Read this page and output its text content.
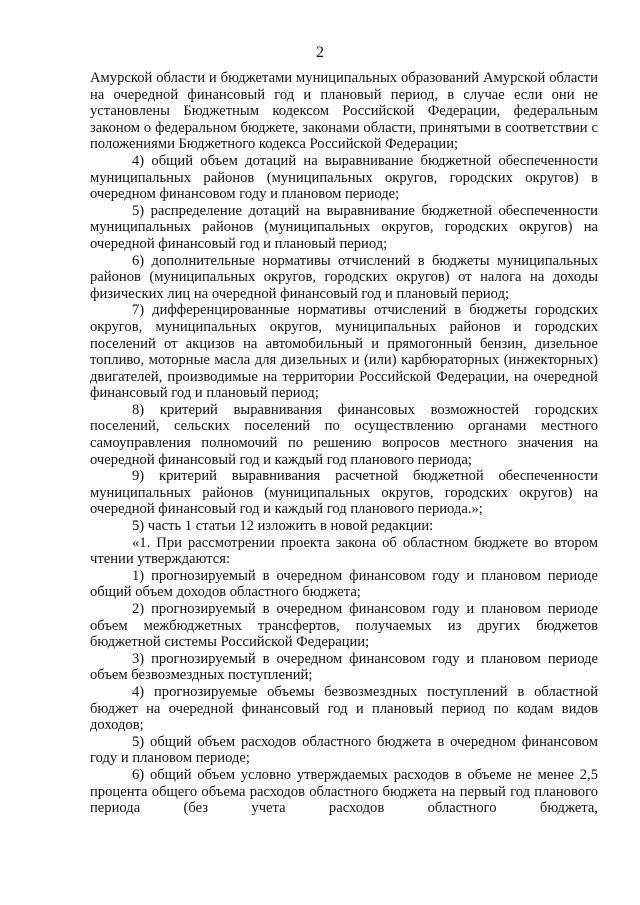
2

Амурской области и бюджетами муниципальных образований Амурской области на очередной финансовый год и плановый период, в случае если они не установлены Бюджетным кодексом Российской Федерации, федеральным законом о федеральном бюджете, законами области, принятыми в соответствии с положениями Бюджетного кодекса Российской Федерации;

4) общий объем дотаций на выравнивание бюджетной обеспеченности муниципальных районов (муниципальных округов, городских округов) в очередном финансовом году и плановом периоде;

5) распределение дотаций на выравнивание бюджетной обеспеченности муниципальных районов (муниципальных округов, городских округов) на очередной финансовый год и плановый период;

6) дополнительные нормативы отчислений в бюджеты муниципальных районов (муниципальных округов, городских округов) от налога на доходы физических лиц на очередной финансовый год и плановый период;

7) дифференцированные нормативы отчислений в бюджеты городских округов, муниципальных округов, муниципальных районов и городских поселений от акцизов на автомобильный и прямогонный бензин, дизельное топливо, моторные масла для дизельных и (или) карбюраторных (инжекторных) двигателей, производимые на территории Российской Федерации, на очередной финансовый год и плановый период;

8) критерий выравнивания финансовых возможностей городских поселений, сельских поселений по осуществлению органами местного самоуправления полномочий по решению вопросов местного значения на очередной финансовый год и каждый год планового периода;

9) критерий выравнивания расчетной бюджетной обеспеченности муниципальных районов (муниципальных округов, городских округов) на очередной финансовый год и каждый год планового периода.»;

5) часть 1 статьи 12 изложить в новой редакции:

«1. При рассмотрении проекта закона об областном бюджете во втором чтении утверждаются:

1) прогнозируемый в очередном финансовом году и плановом периоде общий объем доходов областного бюджета;

2) прогнозируемый в очередном финансовом году и плановом периоде объем межбюджетных трансфертов, получаемых из других бюджетов бюджетной системы Российской Федерации;

3) прогнозируемый в очередном финансовом году и плановом периоде объем безвозмездных поступлений;

4) прогнозируемые объемы безвозмездных поступлений в областной бюджет на очередной финансовый год и плановый период по кодам видов доходов;

5) общий объем расходов областного бюджета в очередном финансовом году и плановом периоде;

6) общий объем условно утверждаемых расходов в объеме не менее 2,5 процента общего объема расходов областного бюджета на первый год планового периода (без учета расходов областного бюджета,
